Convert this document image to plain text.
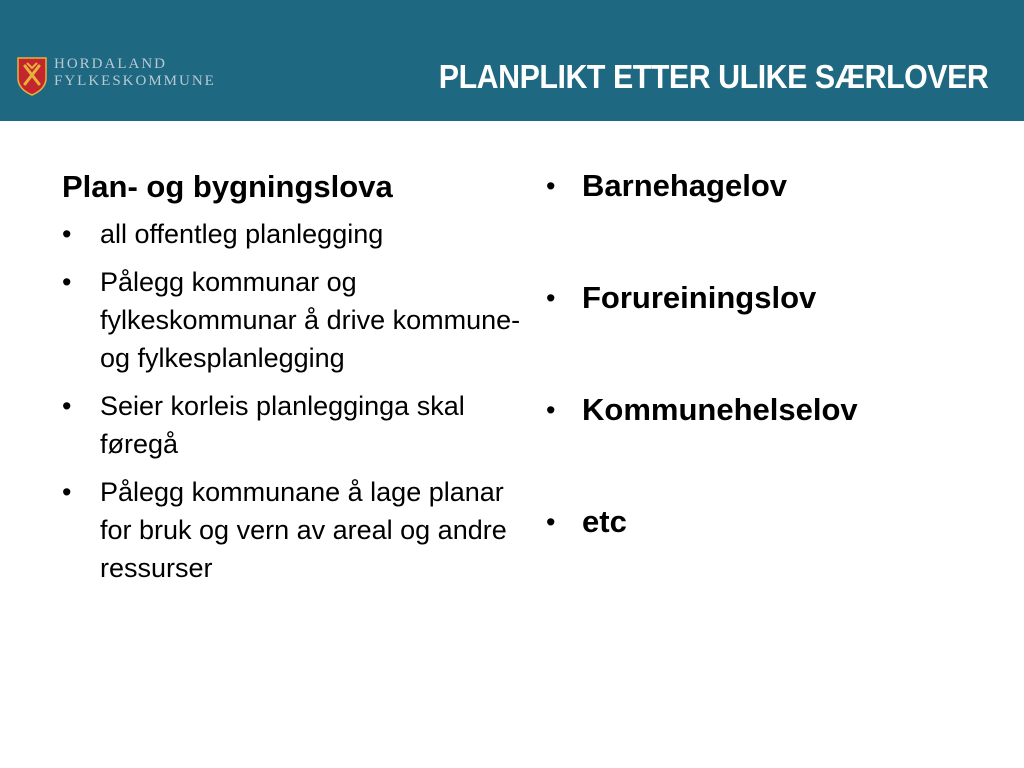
HORDALAND
FYLKESKOMMUNE	PLANPLIKT ETTER ULIKE SÆRLOVER
Plan- og bygningslova
• all offentleg planlegging
• Pålegg kommunar og fylkeskommunar å drive kommune- og fylkesplanlegging
• Seier korleis planlegginga skal føregå
• Pålegg kommunane å lage planar for bruk og vern av areal og andre ressurser
• Barnehagelov
• Forureiningslov
• Kommunehelselov
• etc
